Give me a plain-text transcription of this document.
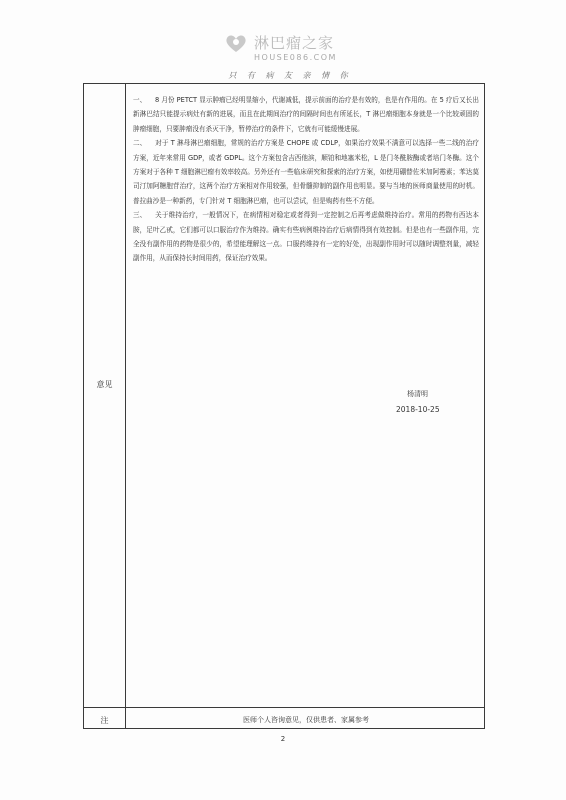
淋巴瘤之家
HOUSE086.COM
只 有 病 友 亲 情 你
意见

一、 8 月份 PETCT 显示肿瘤已经明显缩小，代谢减低，提示前面的治疗是有效的，也是有作用的。在 5 疗后又长出新淋巴结只能提示病灶有新的进展，而且在此期间治疗的间隔时间也有所延长，T 淋巴瘤细胞本身就是一个比较顽固的肿瘤细胞，只要肿瘤没有杀灭干净，暂停治疗的条件下，它就有可能缓慢进展。

二、 对于 T 淋母淋巴瘤细胞，常规的治疗方案是 CHOPE 或 CDLP，如果治疗效果不满意可以选择一些二线的治疗方案，近年来常用 GDP，或者 GDPL。这个方案包含吉西他滨，顺铂和地塞米松，L 是门冬酰胺酶或者培门冬酶。这个方案对于各种 T 细胞淋巴瘤有效率较高。另外还有一些临床研究和探索的治疗方案，如使用硼替佐米加阿霉素；苯达莫司汀加阿糖胞苷治疗，这两个治疗方案相对作用较强，但骨髓抑制的副作用也明显。要与当地的医师商量使用的时机。普拉曲沙是一种新药，专门针对 T 细胞淋巴瘤，也可以尝试，但是购药有些不方便。

三、 关于维持治疗，一般情况下，在病情相对稳定或者得到一定控制之后再考虑做维持治疗。常用的药物有西达本胺，足叶乙甙，它们都可以口服治疗作为维持。确实有些病例维持治疗后病情得到有效控制。但是也有一些副作用，完全没有副作用的药物是很少的，希望能理解这一点。口服药维持有一定的好处，出现副作用时可以随时调整剂量，减轻副作用，从而保持长时间用药，保证治疗效果。

杨清明
2018-10-25
注	医师个人咨询意见，仅供患者、家属参考
2
